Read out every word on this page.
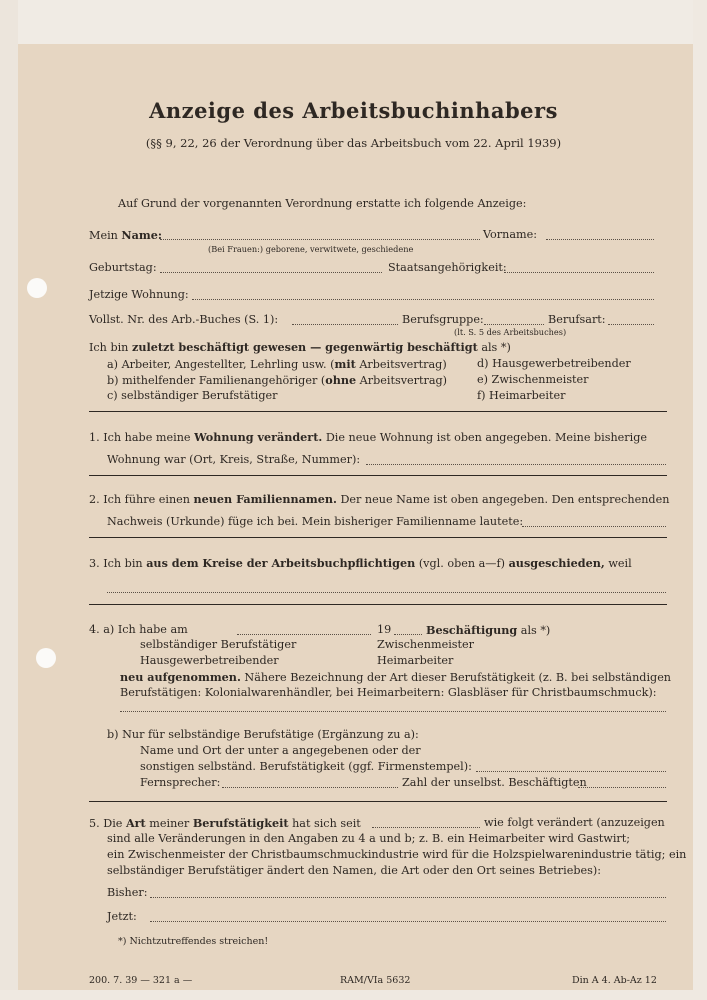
Anzeige des Arbeitsbuchinhabers
(§§ 9, 22, 26 der Verordnung über das Arbeitsbuch vom 22. April 1939)
Auf Grund der vorgenannten Verordnung erstatte ich folgende Anzeige:
Mein Name:	Vorname:
(Bei Frauen:) geborene, verwitwete, geschiedene
Geburtstag:	Staatsangehörigkeit:
Jetzige Wohnung:
Vollst. Nr. des Arb.-Buches (S. 1):	Berufsgruppe:	Berufsart:
(lt. S. 5 des Arbeitsbuches)
Ich bin zuletzt beschäftigt gewesen — gegenwärtig beschäftigt als *)
a) Arbeiter, Angestellter, Lehrling usw. (mit Arbeitsvertrag)
b) mithelfender Familienangehöriger (ohne Arbeitsvertrag)
c) selbständiger Berufstätiger
d) Hausgewerbetreibender
e) Zwischenmeister
f) Heimarbeiter
1. Ich habe meine Wohnung verändert. Die neue Wohnung ist oben angegeben. Meine bisherige
Wohnung war (Ort, Kreis, Straße, Nummer):
2. Ich führe einen neuen Familiennamen. Der neue Name ist oben angegeben. Den entsprechenden
Nachweis (Urkunde) füge ich bei. Mein bisheriger Familienname lautete:
3. Ich bin aus dem Kreise der Arbeitsbuchpflichtigen (vgl. oben a—f) ausgeschieden, weil
4. a) Ich habe am	19	Beschäftigung als *)
selbständiger Berufstätiger
Hausgewerbetreibender
Zwischenmeister
Heimarbeiter
neu aufgenommen. Nähere Bezeichnung der Art dieser Berufstätigkeit (z. B. bei selbständigen
Berufstätigen: Kolonialwarenhändler, bei Heimarbeitern: Glasbläser für Christbaumschmuck):
b) Nur für selbständige Berufstätige (Ergänzung zu a):
Name und Ort der unter a angegebenen oder der
sonstigen selbständ. Berufstätigkeit (ggf. Firmenstempel):
Fernsprecher:	Zahl der unselbst. Beschäftigten
5. Die Art meiner Berufstätigkeit hat sich seit	wie folgt verändert (anzuzeigen
sind alle Veränderungen in den Angaben zu 4 a und b; z. B. ein Heimarbeiter wird Gastwirt;
ein Zwischenmeister der Christbaumschmuckindustrie wird für die Holzspielwarenindustrie tätig; ein
selbständiger Berufstätiger ändert den Namen, die Art oder den Ort seines Betriebes):
Bisher:
Jetzt:
*) Nichtzutreffendes streichen!
200. 7. 39 — 321 a —	RAM/VIa 5632	Din A 4. Ab-Az 12
